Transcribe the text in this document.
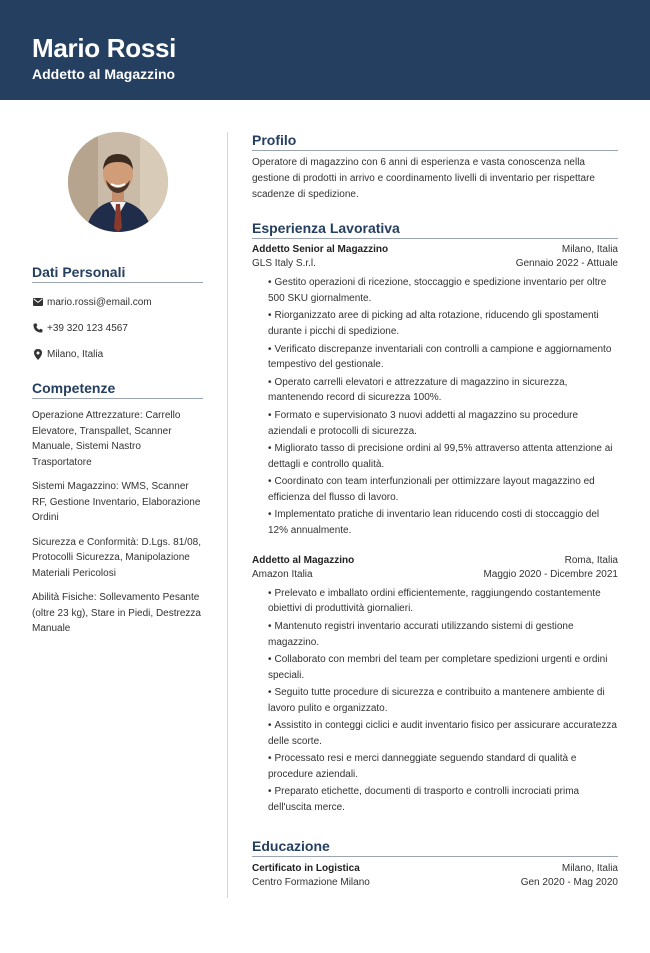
Mario Rossi
Addetto al Magazzino
Dati Personali
mario.rossi@email.com
+39 320 123 4567
Milano, Italia
Competenze
Operazione Attrezzature: Carrello Elevatore, Transpallet, Scanner Manuale, Sistemi Nastro Trasportatore
Sistemi Magazzino: WMS, Scanner RF, Gestione Inventario, Elaborazione Ordini
Sicurezza e Conformità: D.Lgs. 81/08, Protocolli Sicurezza, Manipolazione Materiali Pericolosi
Abilità Fisiche: Sollevamento Pesante (oltre 23 kg), Stare in Piedi, Destrezza Manuale
Profilo
Operatore di magazzino con 6 anni di esperienza e vasta conoscenza nella gestione di prodotti in arrivo e coordinamento livelli di inventario per rispettare scadenze di spedizione.
Esperienza Lavorativa
Addetto Senior al Magazzino	Milano, Italia
GLS Italy S.r.l.	Gennaio 2022 - Attuale
• Gestito operazioni di ricezione, stoccaggio e spedizione inventario per oltre 500 SKU giornalmente.
• Riorganizzato aree di picking ad alta rotazione, riducendo gli spostamenti durante i picchi di spedizione.
• Verificato discrepanze inventariali con controlli a campione e aggiornamento tempestivo del gestionale.
• Operato carrelli elevatori e attrezzature di magazzino in sicurezza, mantenendo record di sicurezza 100%.
• Formato e supervisionato 3 nuovi addetti al magazzino su procedure aziendali e protocolli di sicurezza.
• Migliorato tasso di precisione ordini al 99,5% attraverso attenta attenzione ai dettagli e controllo qualità.
• Coordinato con team interfunzionali per ottimizzare layout magazzino ed efficienza del flusso di lavoro.
• Implementato pratiche di inventario lean riducendo costi di stoccaggio del 12% annualmente.
Addetto al Magazzino	Roma, Italia
Amazon Italia	Maggio 2020 - Dicembre 2021
• Prelevato e imballato ordini efficientemente, raggiungendo costantemente obiettivi di produttività giornalieri.
• Mantenuto registri inventario accurati utilizzando sistemi di gestione magazzino.
• Collaborato con membri del team per completare spedizioni urgenti e ordini speciali.
• Seguito tutte procedure di sicurezza e contribuito a mantenere ambiente di lavoro pulito e organizzato.
• Assistito in conteggi ciclici e audit inventario fisico per assicurare accuratezza delle scorte.
• Processato resi e merci danneggiate seguendo standard di qualità e procedure aziendali.
• Preparato etichette, documenti di trasporto e controlli incrociati prima dell'uscita merce.
Educazione
Certificato in Logistica	Milano, Italia
Centro Formazione Milano	Gen 2020 - Mag 2020
